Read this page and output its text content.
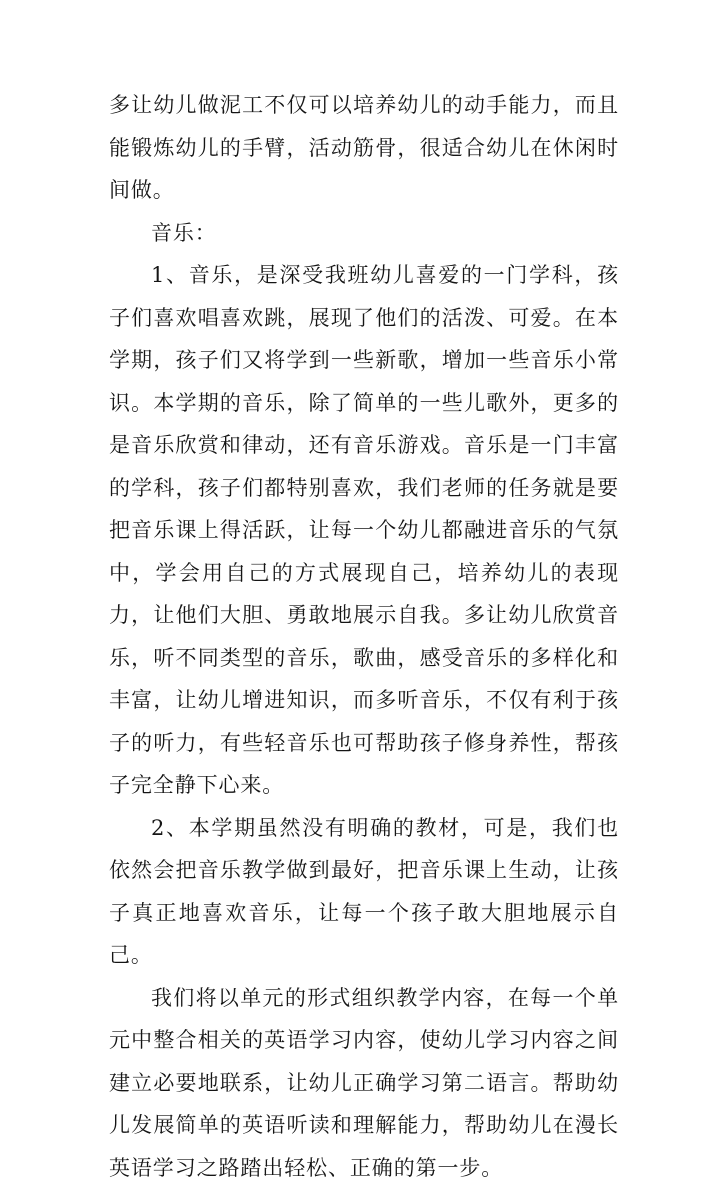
多让幼儿做泥工不仅可以培养幼儿的动手能力，而且能锻炼幼儿的手臂，活动筋骨，很适合幼儿在休闲时间做。

音乐：

1、音乐，是深受我班幼儿喜爱的一门学科，孩子们喜欢唱喜欢跳，展现了他们的活泼、可爱。在本学期，孩子们又将学到一些新歌，增加一些音乐小常识。本学期的音乐，除了简单的一些儿歌外，更多的是音乐欣赏和律动，还有音乐游戏。音乐是一门丰富的学科，孩子们都特别喜欢，我们老师的任务就是要把音乐课上得活跃，让每一个幼儿都融进音乐的气氛中，学会用自己的方式展现自己，培养幼儿的表现力，让他们大胆、勇敢地展示自我。多让幼儿欣赏音乐，听不同类型的音乐，歌曲，感受音乐的多样化和丰富，让幼儿增进知识，而多听音乐，不仅有利于孩子的听力，有些轻音乐也可帮助孩子修身养性，帮孩子完全静下心来。

2、本学期虽然没有明确的教材，可是，我们也依然会把音乐教学做到最好，把音乐课上生动，让孩子真正地喜欢音乐，让每一个孩子敢大胆地展示自己。

我们将以单元的形式组织教学内容，在每一个单元中整合相关的英语学习内容，使幼儿学习内容之间建立必要地联系，让幼儿正确学习第二语言。帮助幼儿发展简单的英语听读和理解能力，帮助幼儿在漫长英语学习之路踏出轻松、正确的第一步。
